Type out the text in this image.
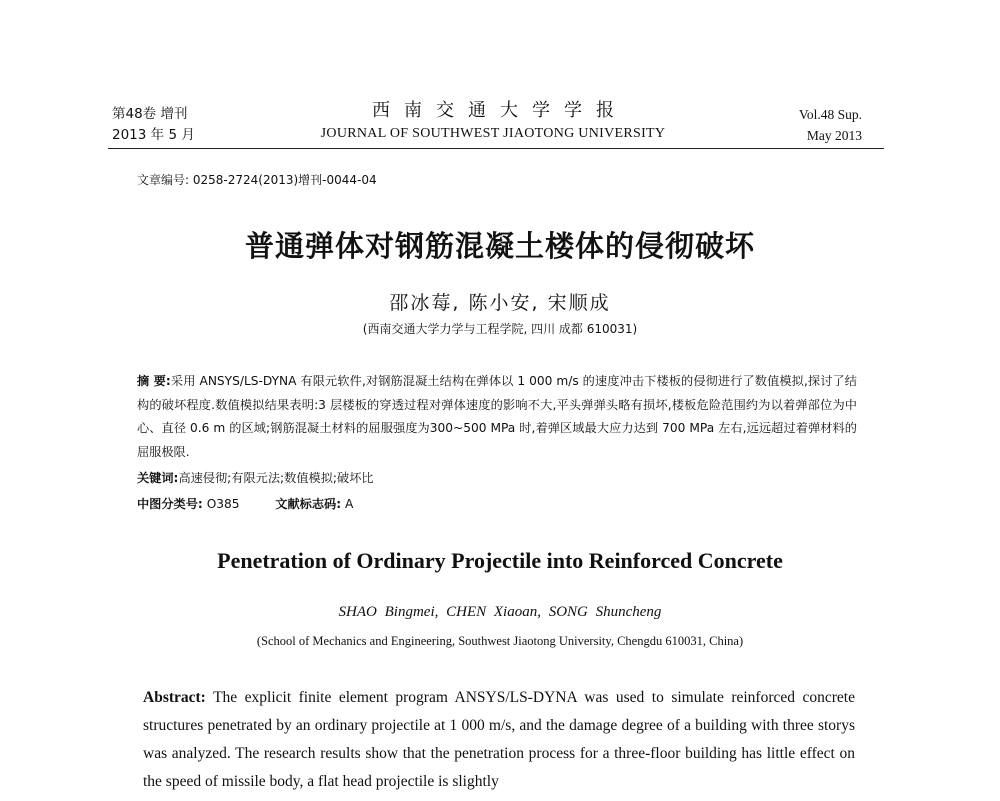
第48卷 增刊
2013 年 5 月
西南交通大学学报
JOURNAL OF SOUTHWEST JIAOTONG UNIVERSITY
Vol.48 Sup.
May 2013
文章编号: 0258-2724(2013)增刊-0044-04
普通弹体对钢筋混凝土楼体的侵彻破坏
邵冰莓, 陈小安, 宋顺成
(西南交通大学力学与工程学院, 四川 成都 610031)
摘 要:采用 ANSYS/LS-DYNA 有限元软件,对钢筋混凝土结构在弹体以 1 000 m/s 的速度冲击下楼板的侵彻进行了数值模拟,探讨了结构的破坏程度.数值模拟结果表明:3 层楼板的穿透过程对弹体速度的影响不大,平头弹弹头略有损坏,楼板危险范围约为以着弹部位为中心、直径 0.6 m 的区域;钢筋混凝土材料的屈服强度为300~500 MPa 时,着弹区域最大应力达到 700 MPa 左右,远远超过着弹材料的屈服极限.
关键词:高速侵彻;有限元法;数值模拟;破坏比
中图分类号: O385	文献标志码: A
Penetration of Ordinary Projectile into Reinforced Concrete
SHAO Bingmei, CHEN Xiaoan, SONG Shuncheng
(School of Mechanics and Engineering, Southwest Jiaotong University, Chengdu 610031, China)
Abstract: The explicit finite element program ANSYS/LS-DYNA was used to simulate reinforced concrete structures penetrated by an ordinary projectile at 1 000 m/s, and the damage degree of a building with three storys was analyzed. The research results show that the penetration process for a three-floor building has little effect on the speed of missile body, a flat head projectile is slightly
